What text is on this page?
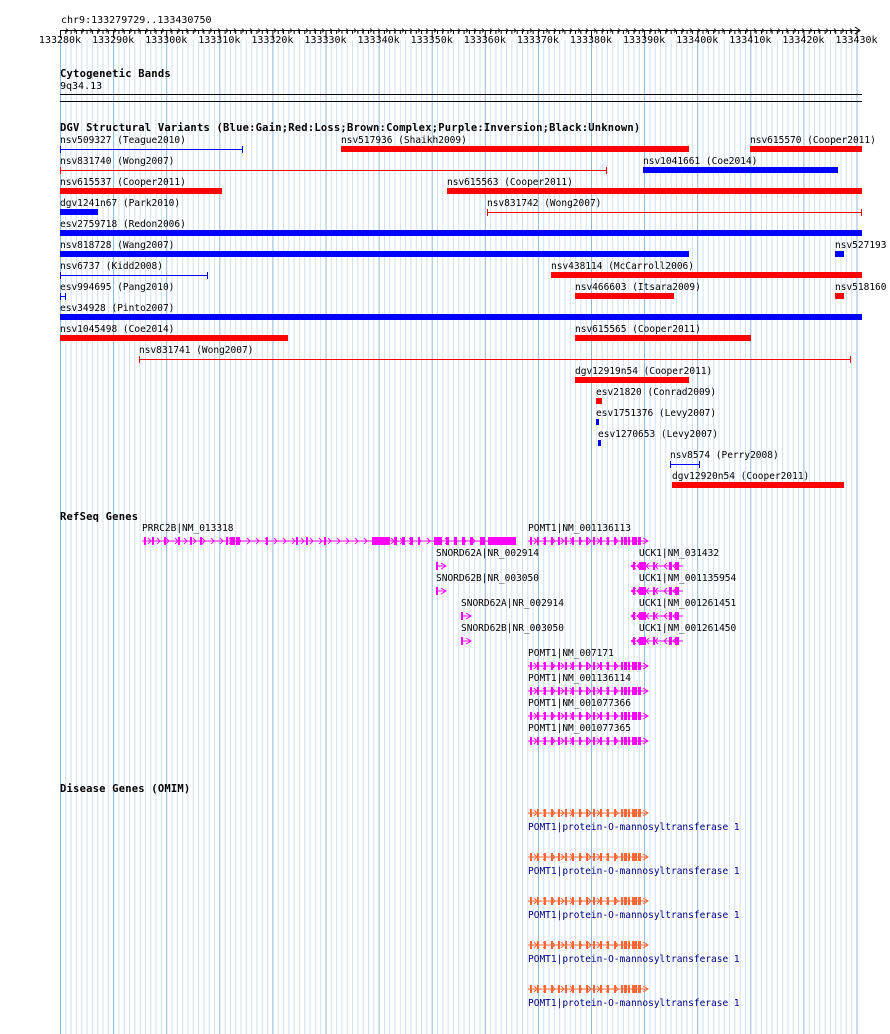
chr9:133279729..133430750
133280k 133290k 133300k 133310k 133320k 133330k 133340k 133350k 133360k 133370k 133380k 133390k 133400k 133410k 133420k 133430k
Cytogenetic Bands
9q34.13
DGV Structural Variants (Blue:Gain;Red:Loss;Brown:Complex;Purple:Inversion;Black:Unknown)
nsv509327 (Teague2010)	nsv517936 (Shaikh2009)	nsv615570 (Cooper2011)
nsv831740 (Wong2007)	nsv1041661 (Coe2014)
nsv615537 (Cooper2011)	nsv615563 (Cooper2011)
dgv1241n67 (Park2010)	nsv831742 (Wong2007)
esv2759718 (Redon2006)
nsv818728 (Wang2007)	nsv527193
nsv6737 (Kidd2008)	nsv438114 (McCarroll2006)
esv994695 (Pang2010)	nsv466603 (Itsara2009)	nsv518160
esv34928 (Pinto2007)
nsv1045498 (Coe2014)	nsv615565 (Cooper2011)
nsv831741 (Wong2007)
dgv12919n54 (Cooper2011)
esv21820 (Conrad2009)
esv1751376 (Levy2007)
esv1270653 (Levy2007)
nsv8574 (Perry2008)
dgv12920n54 (Cooper2011)
RefSeq Genes
PRRC2B|NM_013318	POMT1|NM_001136113
SNORD62A|NR_002914	UCK1|NM_031432
SNORD62B|NR_003050	UCK1|NM_001135954
SNORD62A|NR_002914	UCK1|NM_001261451
SNORD62B|NR_003050	UCK1|NM_001261450
POMT1|NM_007171
POMT1|NM_001136114
POMT1|NM_001077366
POMT1|NM_001077365
Disease Genes (OMIM)
POMT1|protein-O-mannosyltransferase 1
POMT1|protein-O-mannosyltransferase 1
POMT1|protein-O-mannosyltransferase 1
POMT1|protein-O-mannosyltransferase 1
POMT1|protein-O-mannosyltransferase 1
